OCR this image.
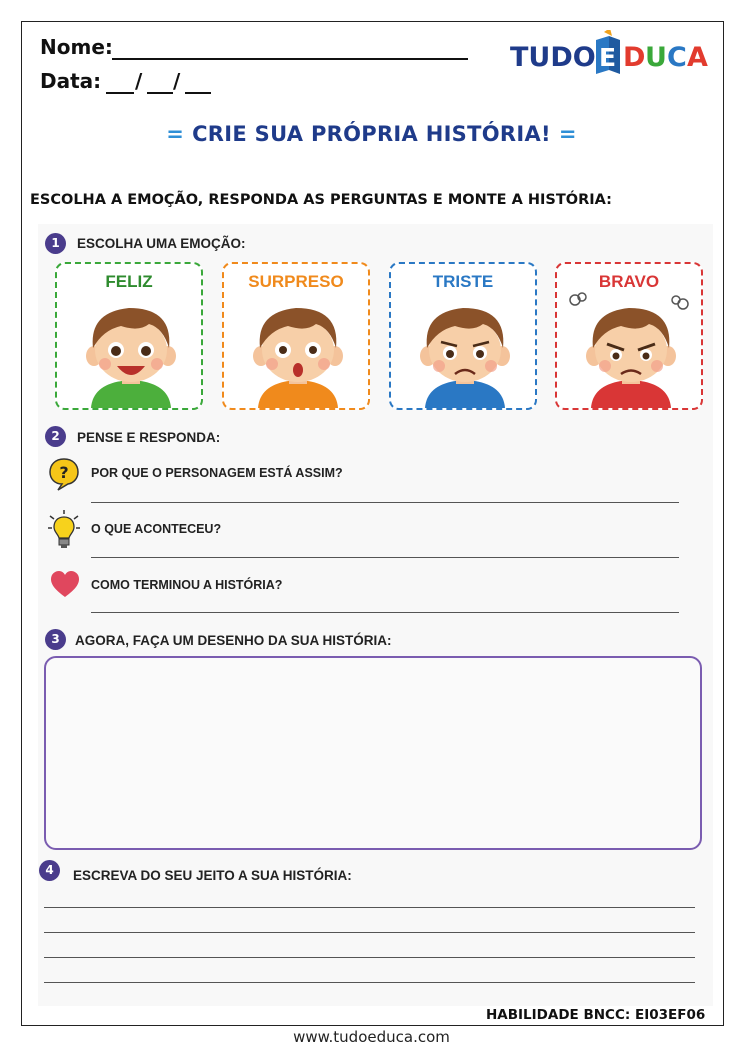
Nome:
Data: / /
TUDO E D U C A
= CRIE SUA PRÓPRIA HISTÓRIA! =
ESCOLHA A EMOÇÃO, RESPONDA AS PERGUNTAS E MONTE A HISTÓRIA:
1	ESCOLHA UMA EMOÇÃO:
FELIZ	SURPRESO	TRISTE	BRAVO
2	PENSE E RESPONDA:
? POR QUE O PERSONAGEM ESTÁ ASSIM?
O QUE ACONTECEU?
COMO TERMINOU A HISTÓRIA?
3	AGORA, FAÇA UM DESENHO DA SUA HISTÓRIA:
4	ESCREVA DO SEU JEITO A SUA HISTÓRIA:
HABILIDADE BNCC: EI03EF06
www.tudoeduca.com
